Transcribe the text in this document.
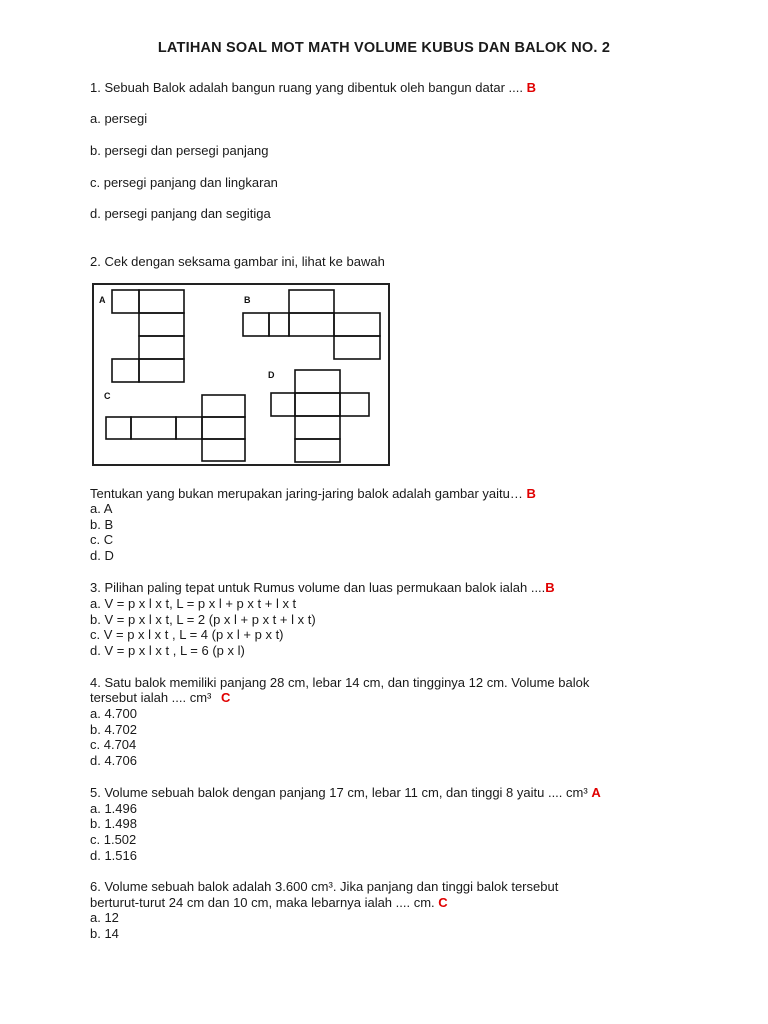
LATIHAN SOAL MOT MATH VOLUME KUBUS DAN BALOK NO. 2
1. Sebuah Balok adalah bangun ruang yang dibentuk oleh bangun datar .... B
a. persegi
b. persegi dan persegi panjang
c. persegi panjang dan lingkaran
d. persegi panjang dan segitiga
2. Cek dengan seksama gambar ini, lihat ke bawah
A	B
C
D
Tentukan yang bukan merupakan jaring-jaring balok adalah gambar yaitu… B
a. A
b. B
c. C
d. D
3. Pilihan paling tepat untuk Rumus volume dan luas permukaan balok ialah ....B
a. V = p x l x t, L = p x l + p x t + l x t
b. V = p x l x t, L = 2 (p x l + p x t + l x t)
c. V = p x l x t , L = 4 (p x l + p x t)
d. V = p x l x t , L = 6 (p x l)
4. Satu balok memiliki panjang 28 cm, lebar 14 cm, dan tingginya 12 cm. Volume balok
tersebut ialah .... cm³ C
a. 4.700
b. 4.702
c. 4.704
d. 4.706
5. Volume sebuah balok dengan panjang 17 cm, lebar 11 cm, dan tinggi 8 yaitu .... cm³ A
a. 1.496
b. 1.498
c. 1.502
d. 1.516
6. Volume sebuah balok adalah 3.600 cm³. Jika panjang dan tinggi balok tersebut
berturut-turut 24 cm dan 10 cm, maka lebarnya ialah .... cm. C
a. 12
b. 14
